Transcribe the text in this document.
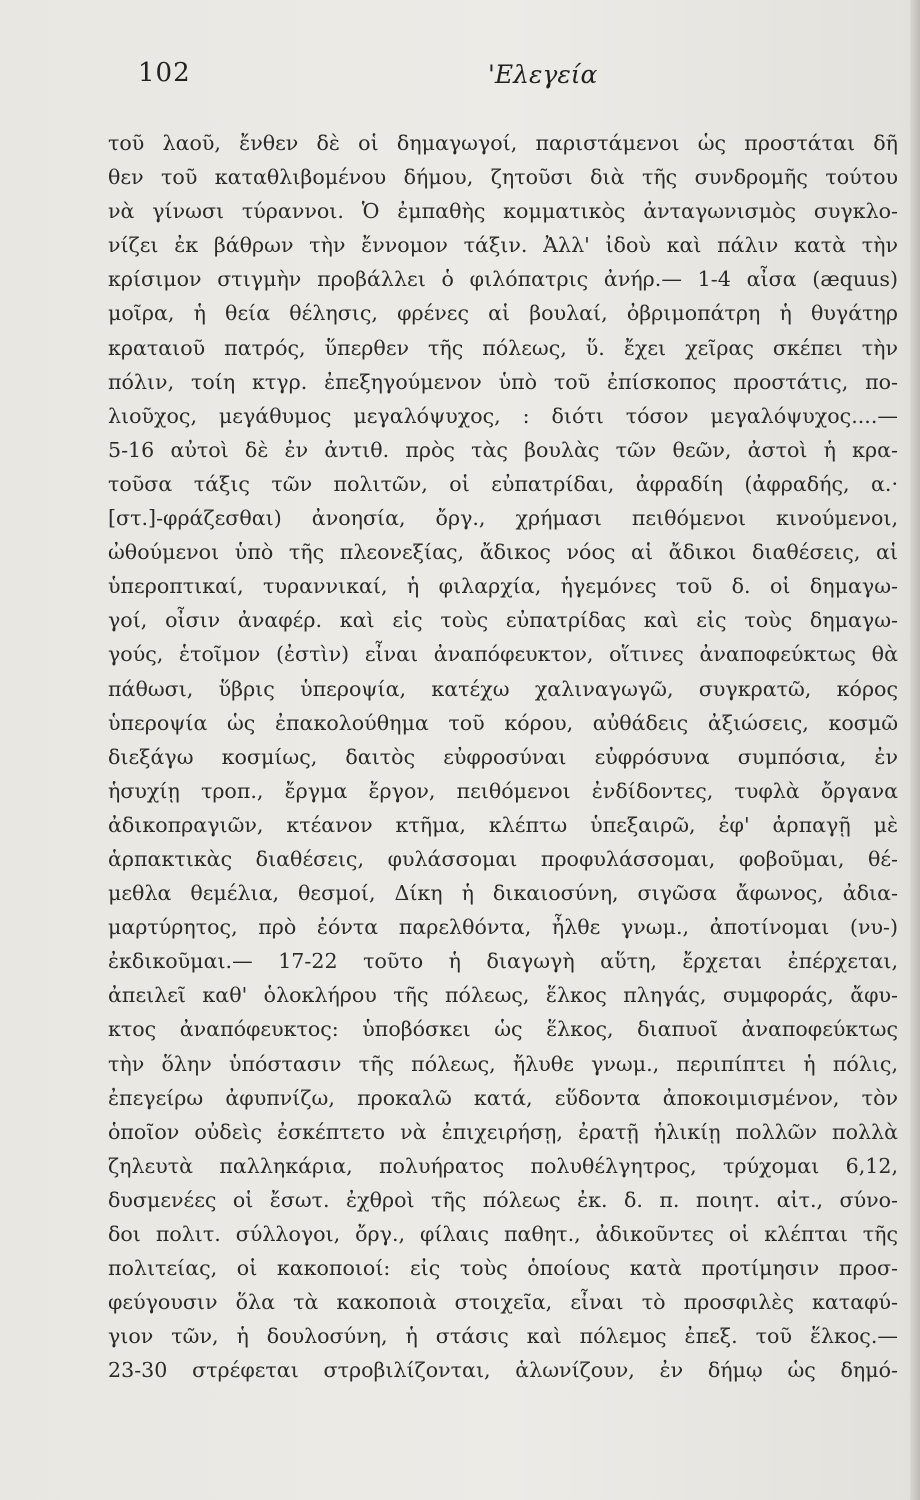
102	'Ελεγεία
τοῦ λαοῦ, ἔνθεν δὲ οἱ δημαγωγοί, παριστάμενοι ὡς προστάται δῆ
θεν τοῦ καταθλιβομένου δήμου, ζητοῦσι διὰ τῆς συνδρομῆς τούτου
νὰ γίνωσι τύραννοι. Ὁ ἐμπαθὴς κομματικὸς ἀνταγωνισμὸς συγκλο-
νίζει ἐκ βάθρων τὴν ἔννομον τάξιν. Ἀλλ' ἰδοὺ καὶ πάλιν κατὰ τὴν
κρίσιμον στιγμὴν προβάλλει ὁ φιλόπατρις ἀνήρ.— 1-4 αἶσα (æquus)
μοῖρα, ἡ θεία θέλησις, φρένες αἱ βουλαί, ὀβριμοπάτρη ἡ θυγάτηρ
κραταιοῦ πατρός, ὕπερθεν τῆς πόλεως, ὕ. ἔχει χεῖρας σκέπει τὴν
πόλιν, τοίη κτγρ. ἐπεξηγούμενον ὑπὸ τοῦ ἐπίσκοπος προστάτις, πο-
λιοῦχος, μεγάθυμος μεγαλόψυχος, : διότι τόσον μεγαλόψυχος....—
5-16 αὐτοὶ δὲ ἐν ἀντιθ. πρὸς τὰς βουλὰς τῶν θεῶν, ἀστοὶ ἡ κρα-
τοῦσα τάξις τῶν πολιτῶν, οἱ εὐπατρίδαι, ἀφραδίη (ἀφραδής, α.·
[στ.]-φράζεσθαι) ἀνοησία, ὄργ., χρήμασι πειθόμενοι κινούμενοι,
ὠθούμενοι ὑπὸ τῆς πλεονεξίας, ἄδικος νόος αἱ ἄδικοι διαθέσεις, αἱ
ὑπεροπτικαί, τυραννικαί, ἡ φιλαρχία, ἡγεμόνες τοῦ δ. οἱ δημαγω-
γοί, οἶσιν ἀναφέρ. καὶ εἰς τοὺς εὐπατρίδας καὶ εἰς τοὺς δημαγω-
γούς, ἑτοῖμον (ἐστὶν) εἶναι ἀναπόφευκτον, οἵτινες ἀναποφεύκτως θὰ
πάθωσι, ὕβρις ὑπεροψία, κατέχω χαλιναγωγῶ, συγκρατῶ, κόρος
ὑπεροψία ὡς ἐπακολούθημα τοῦ κόρου, αὐθάδεις ἀξιώσεις, κοσμῶ
διεξάγω κοσμίως, δαιτὸς εὐφροσύναι εὐφρόσυνα συμπόσια, ἐν
ἡσυχίῃ τροπ., ἔργμα ἔργον, πειθόμενοι ἐνδίδοντες, τυφλὰ ὄργανα
ἀδικοπραγιῶν, κτέανον κτῆμα, κλέπτω ὑπεξαιρῶ, ἐφ' ἁρπαγῇ μὲ
ἁρπακτικὰς διαθέσεις, φυλάσσομαι προφυλάσσομαι, φοβοῦμαι, θέ-
μεθλα θεμέλια, θεσμοί, Δίκη ἡ δικαιοσύνη, σιγῶσα ἄφωνος, ἀδια-
μαρτύρητος, πρὸ ἐόντα παρελθόντα, ἦλθε γνωμ., ἀποτίνομαι (νυ-)
ἐκδικοῦμαι.— 17-22 τοῦτο ἡ διαγωγὴ αὕτη, ἔρχεται ἐπέρχεται,
ἀπειλεῖ καθ' ὁλοκλήρου τῆς πόλεως, ἕλκος πληγάς, συμφοράς, ἄφυ-
κτος ἀναπόφευκτος: ὑποβόσκει ὡς ἕλκος, διαπυοῖ ἀναποφεύκτως
τὴν ὅλην ὑπόστασιν τῆς πόλεως, ἤλυθε γνωμ., περιπίπτει ἡ πόλις,
ἐπεγείρω ἀφυπνίζω, προκαλῶ κατά, εὕδοντα ἀποκοιμισμένον, τὸν
ὁποῖον οὐδεὶς ἐσκέπτετο νὰ ἐπιχειρήσῃ, ἐρατῇ ἡλικίῃ πολλῶν πολλὰ
ζηλευτὰ παλληκάρια, πολυήρατος πολυθέλγητρος, τρύχομαι 6,12,
δυσμενέες οἱ ἔσωτ. ἐχθροὶ τῆς πόλεως ἐκ. δ. π. ποιητ. αἰτ., σύνο-
δοι πολιτ. σύλλογοι, ὄργ., φίλαις παθητ., ἀδικοῦντες οἱ κλέπται τῆς
πολιτείας, οἱ κακοποιοί: εἰς τοὺς ὁποίους κατὰ προτίμησιν προσ-
φεύγουσιν ὅλα τὰ κακοποιὰ στοιχεῖα, εἶναι τὸ προσφιλὲς καταφύ-
γιον τῶν, ἡ δουλοσύνη, ἡ στάσις καὶ πόλεμος ἐπεξ. τοῦ ἕλκος.—
23-30 στρέφεται στροβιλίζονται, ἁλωνίζουν, ἐν δήμῳ ὡς δημό-
